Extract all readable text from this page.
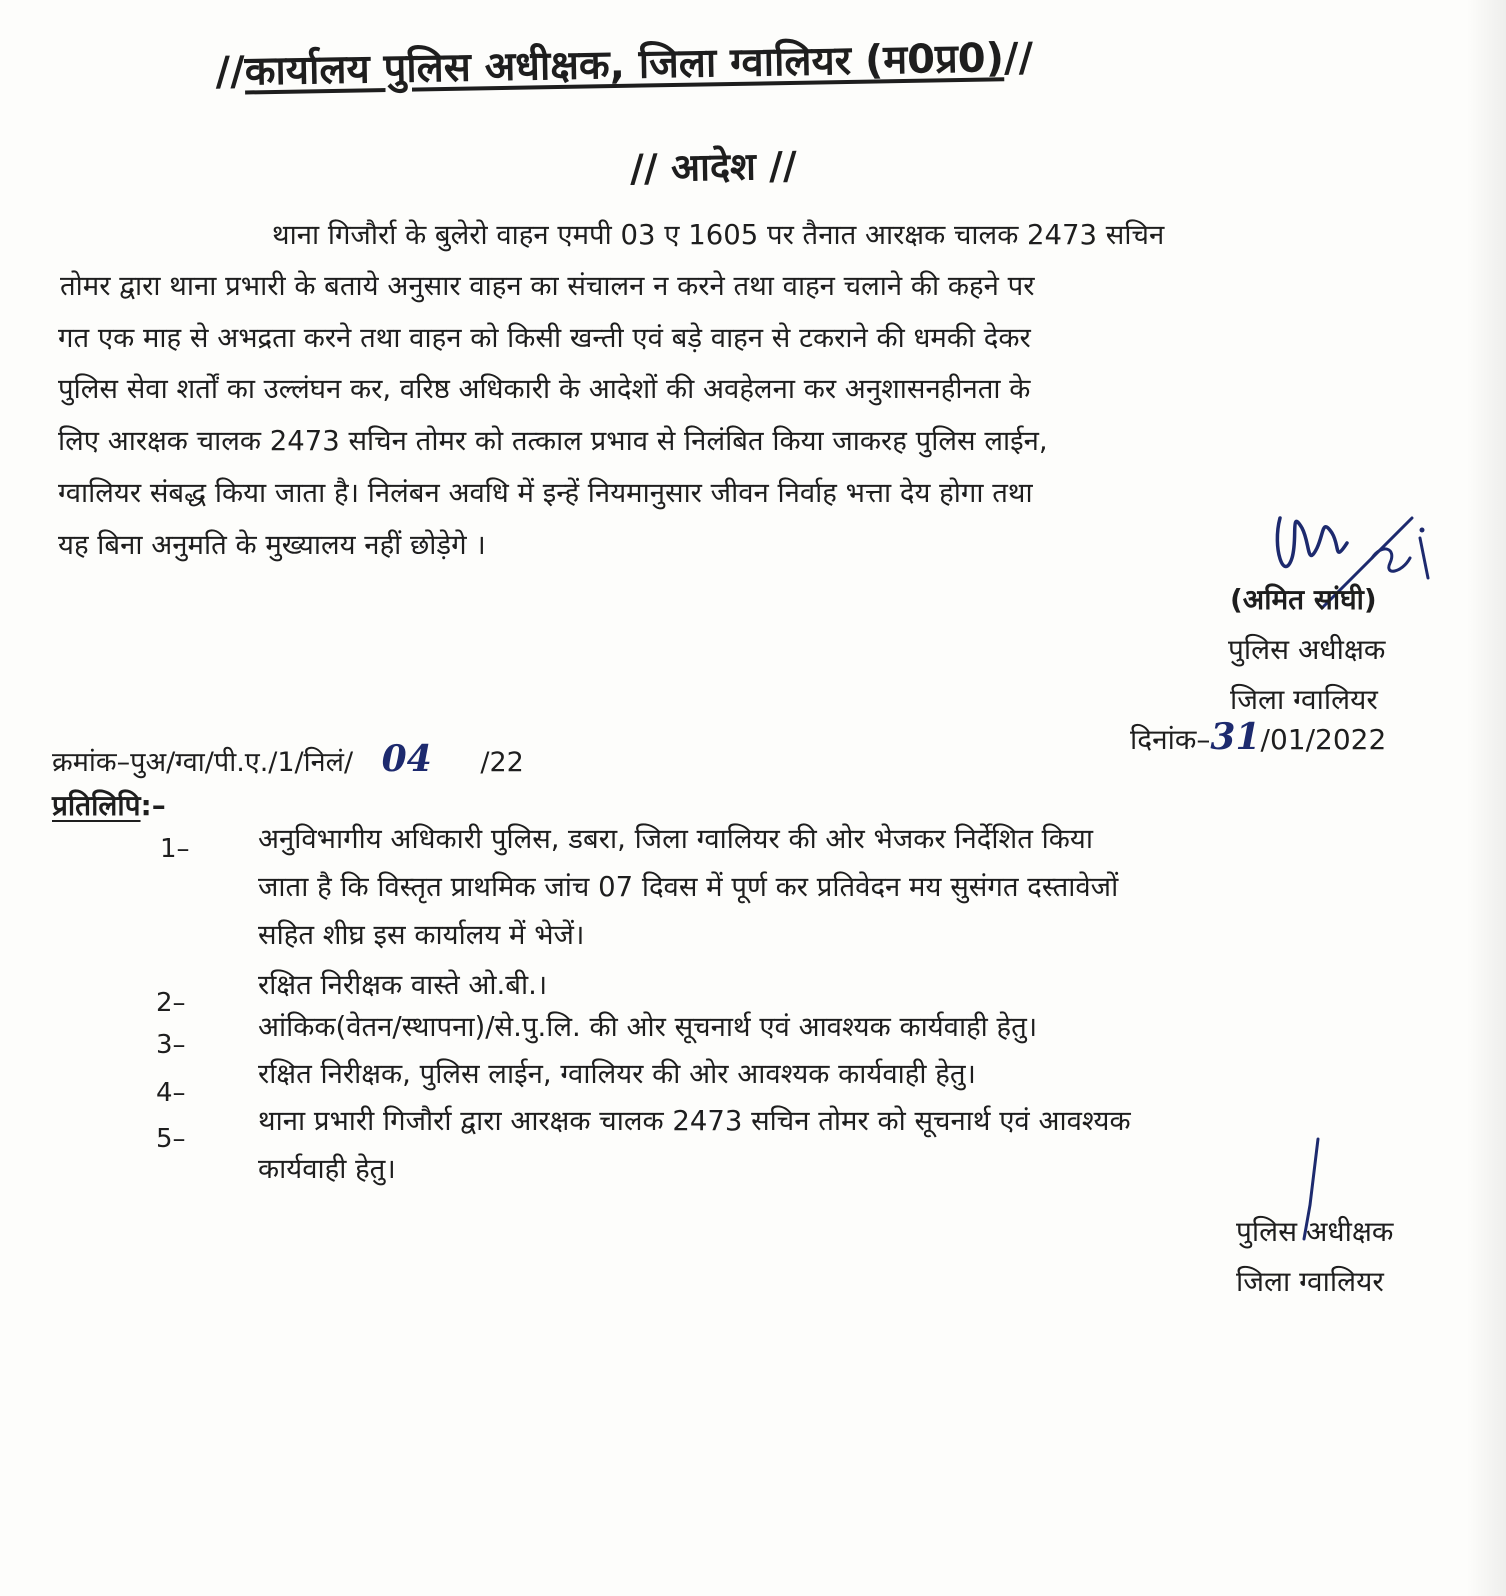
//कार्यालय पुलिस अधीक्षक, जिला ग्वालियर (म0प्र0)//
// आदेश //
थाना गिजौर्रा के बुलेरो वाहन एमपी 03 ए 1605 पर तैनात आरक्षक चालक 2473 सचिन
तोमर द्वारा थाना प्रभारी के बताये अनुसार वाहन का संचालन न करने तथा वाहन चलाने की कहने पर
गत एक माह से अभद्रता करने तथा वाहन को किसी खन्ती एवं बड़े वाहन से टकराने की धमकी देकर
पुलिस सेवा शर्तों का उल्लंघन कर, वरिष्ठ अधिकारी के आदेशों की अवहेलना कर अनुशासनहीनता के
लिए आरक्षक चालक 2473 सचिन तोमर को तत्काल प्रभाव से निलंबित किया जाकरह पुलिस लाईन,
ग्वालियर संबद्ध किया जाता है। निलंबन अवधि में इन्हें नियमानुसार जीवन निर्वाह भत्ता देय होगा तथा
यह बिना अनुमति के मुख्यालय नहीं छोड़ेगे ।
(अमित सांघी)
पुलिस अधीक्षक
जिला ग्वालियर
दिनांक–31/01/2022
क्रमांक–पुअ/ग्वा/पी.ए./1/निलं/ 04 /22
प्रतिलिपि:–
1– अनुविभागीय अधिकारी पुलिस, डबरा, जिला ग्वालियर की ओर भेजकर निर्देशित किया
जाता है कि विस्तृत प्राथमिक जांच 07 दिवस में पूर्ण कर प्रतिवेदन मय सुसंगत दस्तावेजों
सहित शीघ्र इस कार्यालय में भेजें।
2–
रक्षित निरीक्षक वास्ते ओ.बी.।
3–
आंकिक(वेतन/स्थापना)/से.पु.लि. की ओर सूचनार्थ एवं आवश्यक कार्यवाही हेतु।
4–
रक्षित निरीक्षक, पुलिस लाईन, ग्वालियर की ओर आवश्यक कार्यवाही हेतु।
5–
थाना प्रभारी गिजौर्रा द्वारा आरक्षक चालक 2473 सचिन तोमर को सूचनार्थ एवं आवश्यक
कार्यवाही हेतु।
पुलिस अधीक्षक
जिला ग्वालियर
